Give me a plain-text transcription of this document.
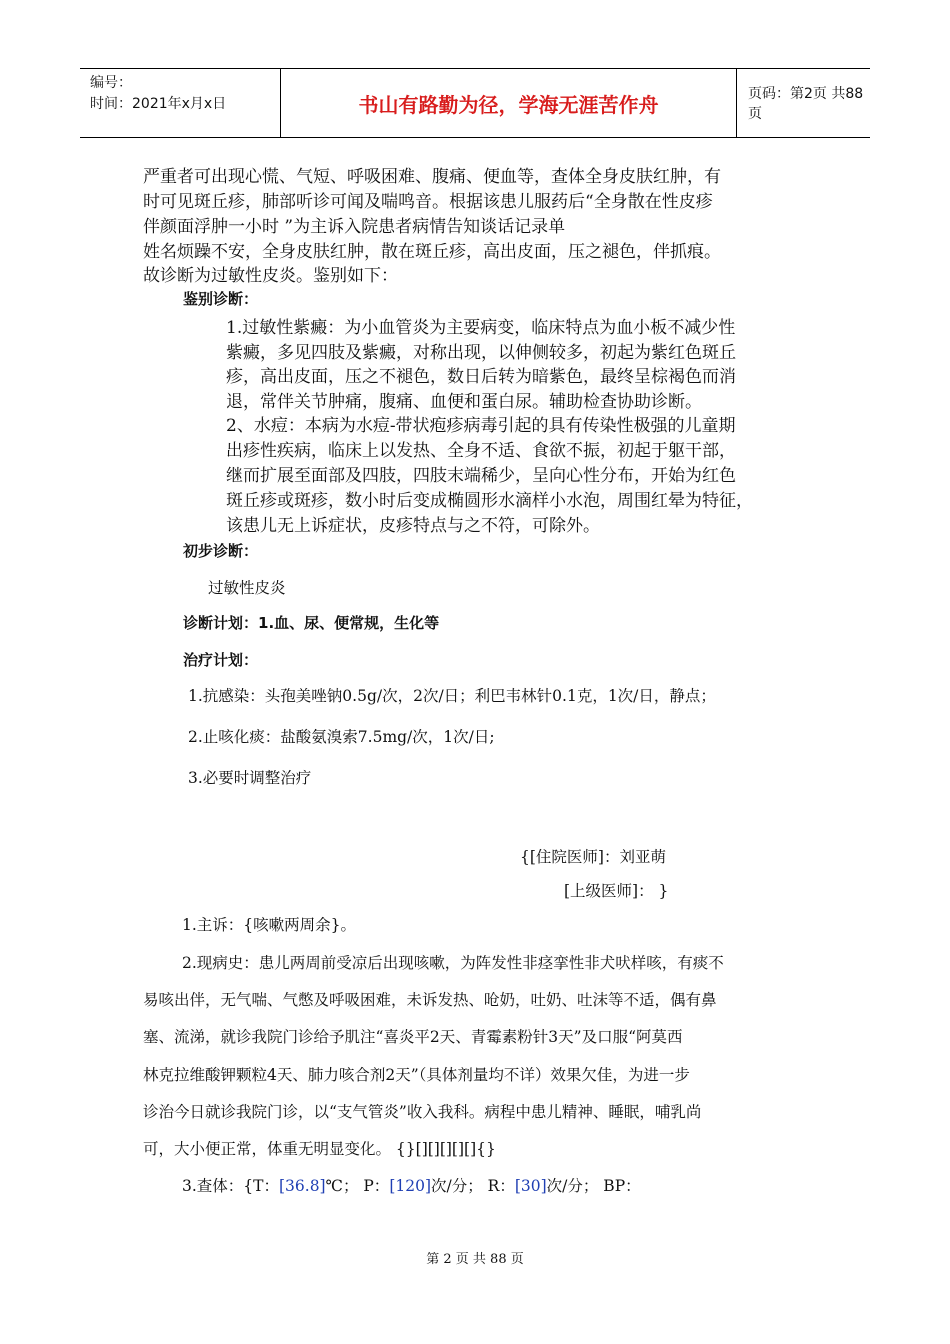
编号：
时间：2021年x月x日	书山有路勤为径，学海无涯苦作舟	页码：第2页 共88页
严重者可出现心慌、气短、呼吸困难、腹痛、便血等，查体全身皮肤红肿，有
时可见斑丘疹，肺部听诊可闻及喘鸣音。根据该患儿服药后“全身散在性皮疹
伴颜面浮肿一小时 ”为主诉入院患者病情告知谈话记录单
姓名烦躁不安，全身皮肤红肿，散在斑丘疹，高出皮面，压之褪色，伴抓痕。
故诊断为过敏性皮炎。鉴别如下：
鉴别诊断：
1.过敏性紫癜：为小血管炎为主要病变，临床特点为血小板不减少性
紫癜，多见四肢及紫癜，对称出现，以伸侧较多，初起为紫红色斑丘
疹，高出皮面，压之不褪色，数日后转为暗紫色，最终呈棕褐色而消
退，常伴关节肿痛，腹痛、血便和蛋白尿。辅助检查协助诊断。
2、水痘：本病为水痘-带状疱疹病毒引起的具有传染性极强的儿童期
出疹性疾病，临床上以发热、全身不适、食欲不振，初起于躯干部，
继而扩展至面部及四肢，四肢末端稀少，呈向心性分布，开始为红色
斑丘疹或斑疹，数小时后变成椭圆形水滴样小水泡，周围红晕为特征，
该患儿无上诉症状，皮疹特点与之不符，可除外。
初步诊断：
过敏性皮炎
诊断计划：1.血、尿、便常规，生化等
治疗计划：
1.抗感染：头孢美唑钠0.5g/次，2次/日；利巴韦林针0.1克，1次/日，静点；
2.止咳化痰：盐酸氨溴索7.5mg/次，1次/日;
3.必要时调整治疗
{[住院医师]：刘亚萌
[上级医师]： }
1.主诉：{咳嗽两周余}。
2.现病史：患儿两周前受凉后出现咳嗽，为阵发性非痉挛性非犬吠样咳，有痰不
易咳出伴，无气喘、气憋及呼吸困难，未诉发热、呛奶，吐奶、吐沫等不适，偶有鼻
塞、流涕，就诊我院门诊给予肌注“喜炎平2天、青霉素粉针3天”及口服“阿莫西
林克拉维酸钾颗粒4天、肺力咳合剂2天”（具体剂量均不详）效果欠佳，为进一步
诊治今日就诊我院门诊，以“支气管炎”收入我科。病程中患儿精神、睡眠，哺乳尚
可，大小便正常，体重无明显变化。 {}[][][][][]{}
3.查体：{T：[36.8]℃； P：[120]次/分； R：[30]次/分； BP：
第 2 页 共 88 页
